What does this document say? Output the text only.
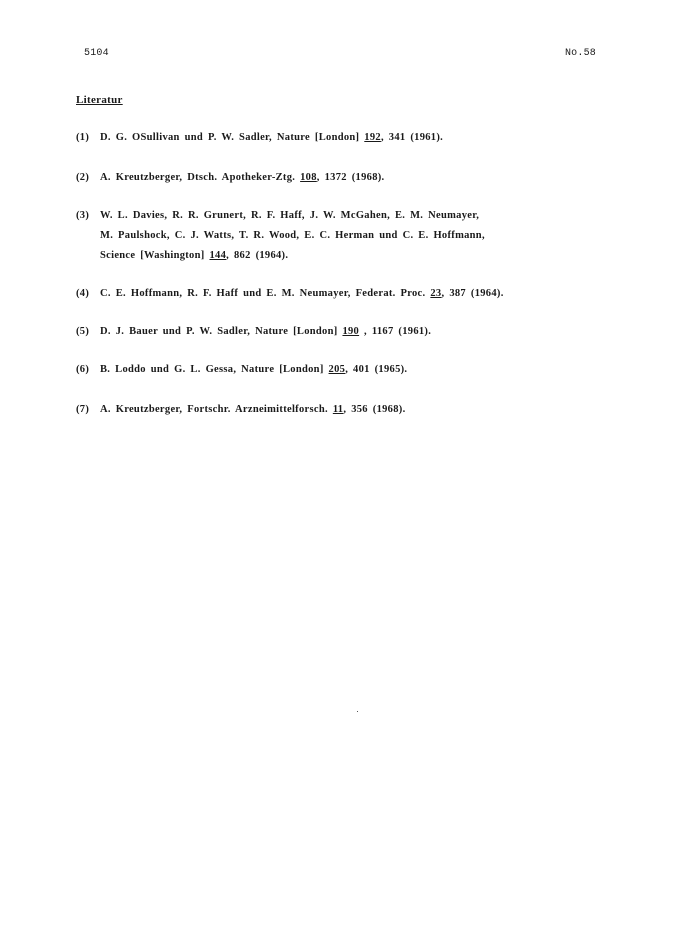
5104	No.58
Literatur
(1) D. G. OSullivan und P. W. Sadler, Nature [London] 192, 341 (1961).
(2) A. Kreutzberger, Dtsch. Apotheker-Ztg. 108, 1372 (1968).
(3) W. L. Davies, R. R. Grunert, R. F. Haff, J. W. McGahen, E. M. Neumayer,
M. Paulshock, C. J. Watts, T. R. Wood, E. C. Herman und C. E. Hoffmann,
Science [Washington] 144, 862 (1964).
(4) C. E. Hoffmann, R. F. Haff und E. M. Neumayer, Federat. Proc. 23, 387 (1964).
(5) D. J. Bauer und P. W. Sadler, Nature [London] 190 , 1167 (1961).
(6) B. Loddo und G. L. Gessa, Nature [London] 205, 401 (1965).
(7) A. Kreutzberger, Fortschr. Arzneimittelforsch. 11, 356 (1968).
